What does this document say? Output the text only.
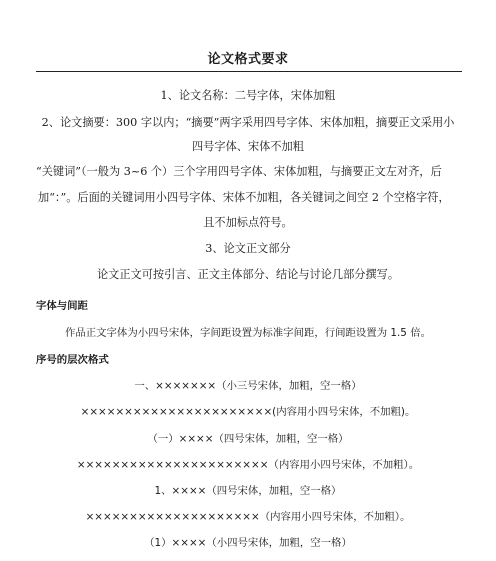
论文格式要求
1、论文名称：二号字体，宋体加粗
2、论文摘要：300 字以内；“摘要”两字采用四号字体、宋体加粗，摘要正文采用小
四号字体、宋体不加粗
“关键词”（一般为 3~6 个）三个字用四号字体、宋体加粗，与摘要正文左对齐，后
加“：”。后面的关键词用小四号字体、宋体不加粗，各关键词之间空 2 个空格字符，
且不加标点符号。
3、论文正文部分
论文正文可按引言、正文主体部分、结论与讨论几部分撰写。
字体与间距
作品正文字体为小四号宋体，字间距设置为标准字间距，行间距设置为 1.5 倍。
序号的层次格式
一、×××××××（小三号宋体，加粗，空一格）
××××××××××××××××××××××(内容用小四号宋体，不加粗)。
（一）××××（四号宋体，加粗，空一格）
××××××××××××××××××××××（内容用小四号宋体，不加粗）。
1、××××（四号宋体，加粗，空一格）
××××××××××××××××××××（内容用小四号宋体，不加粗）。
（1）××××（小四号宋体，加粗，空一格）
